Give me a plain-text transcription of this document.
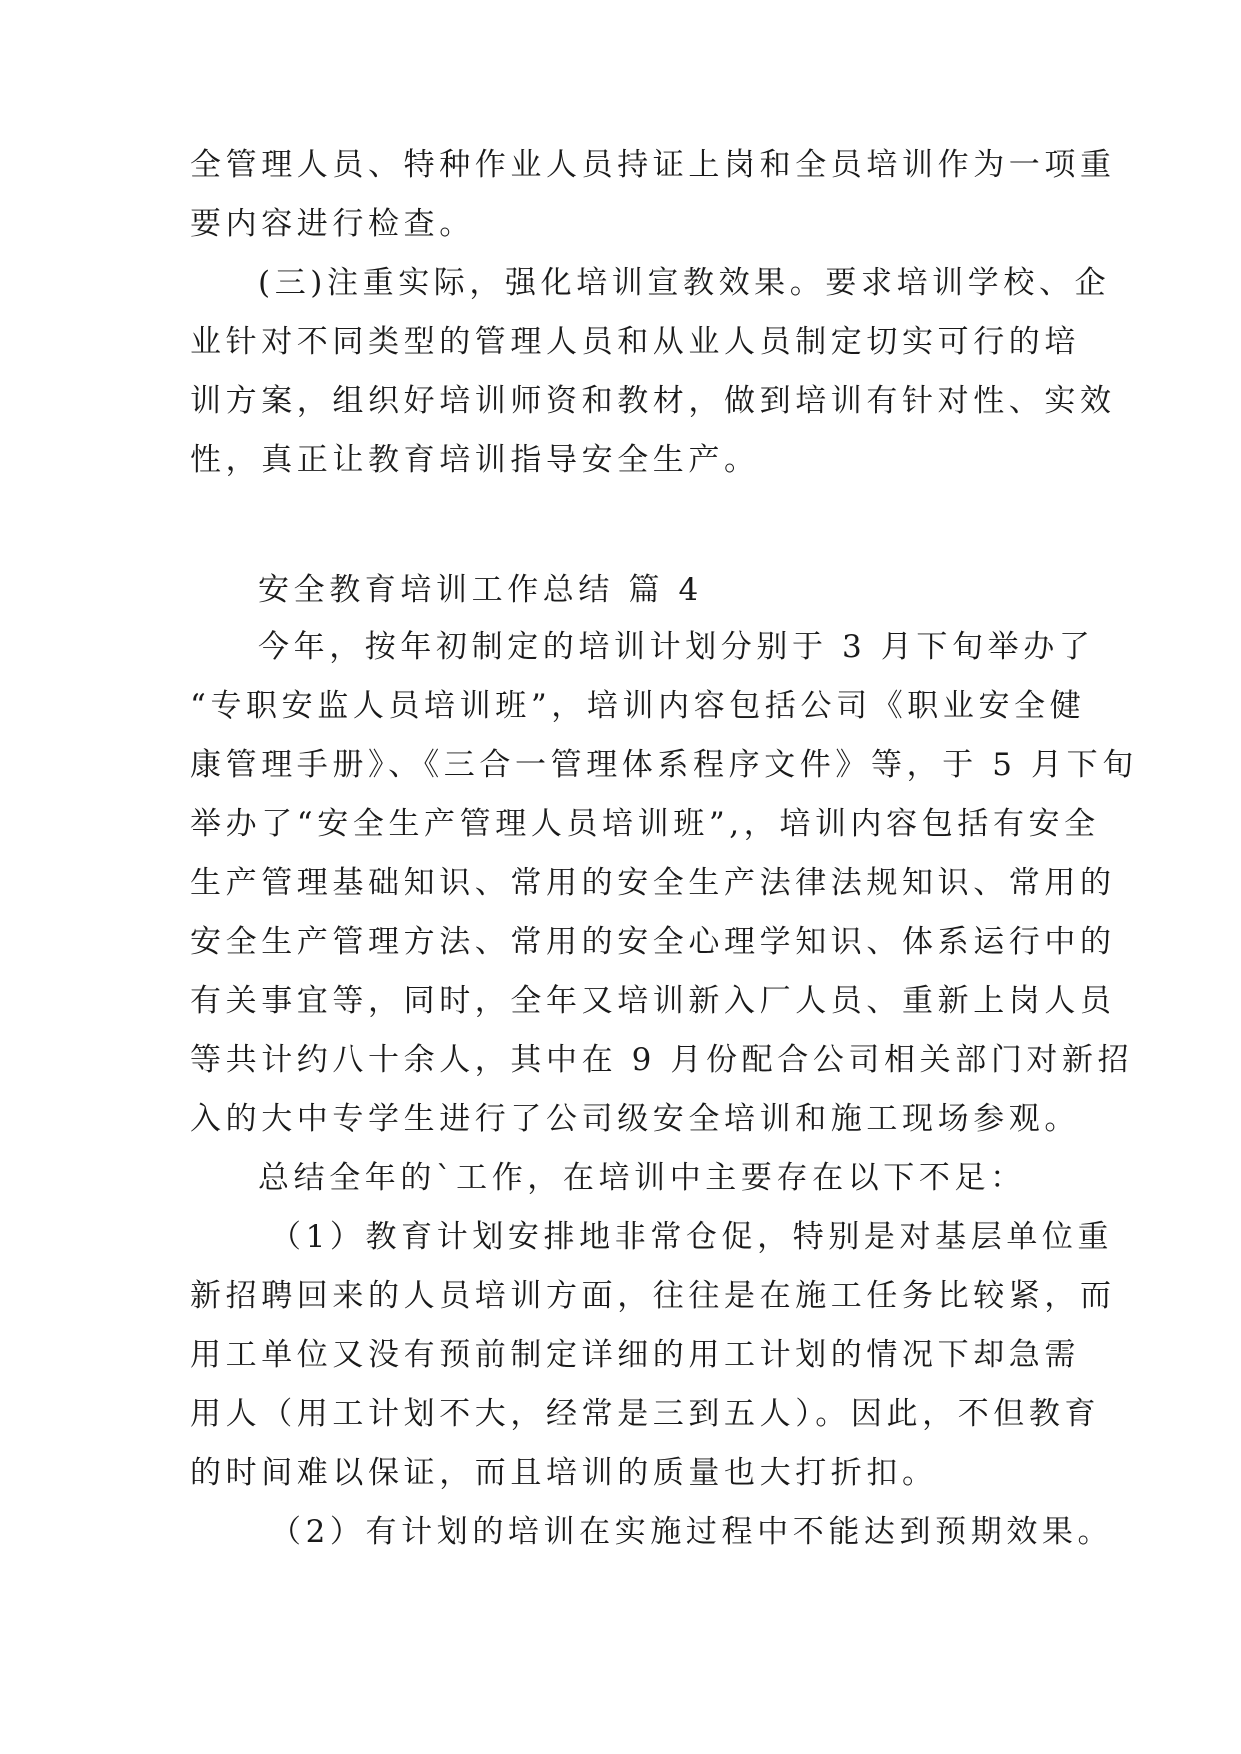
全管理人员、特种作业人员持证上岗和全员培训作为一项重
要内容进行检查。
(三)注重实际，强化培训宣教效果。要求培训学校、企
业针对不同类型的管理人员和从业人员制定切实可行的培
训方案，组织好培训师资和教材，做到培训有针对性、实效
性，真正让教育培训指导安全生产。
安全教育培训工作总结 篇 4
今年，按年初制定的培训计划分别于 3 月下旬举办了
“专职安监人员培训班”，培训内容包括公司《职业安全健
康管理手册》、《三合一管理体系程序文件》等，于 5 月下旬
举办了“安全生产管理人员培训班”,，培训内容包括有安全
生产管理基础知识、常用的安全生产法律法规知识、常用的
安全生产管理方法、常用的安全心理学知识、体系运行中的
有关事宜等，同时，全年又培训新入厂人员、重新上岗人员
等共计约八十余人，其中在 9 月份配合公司相关部门对新招
入的大中专学生进行了公司级安全培训和施工现场参观。
总结全年的`工作，在培训中主要存在以下不足：
（1）教育计划安排地非常仓促，特别是对基层单位重
新招聘回来的人员培训方面，往往是在施工任务比较紧，而
用工单位又没有预前制定详细的用工计划的情况下却急需
用人（用工计划不大，经常是三到五人）。因此，不但教育
的时间难以保证，而且培训的质量也大打折扣。
（2）有计划的培训在实施过程中不能达到预期效果。
